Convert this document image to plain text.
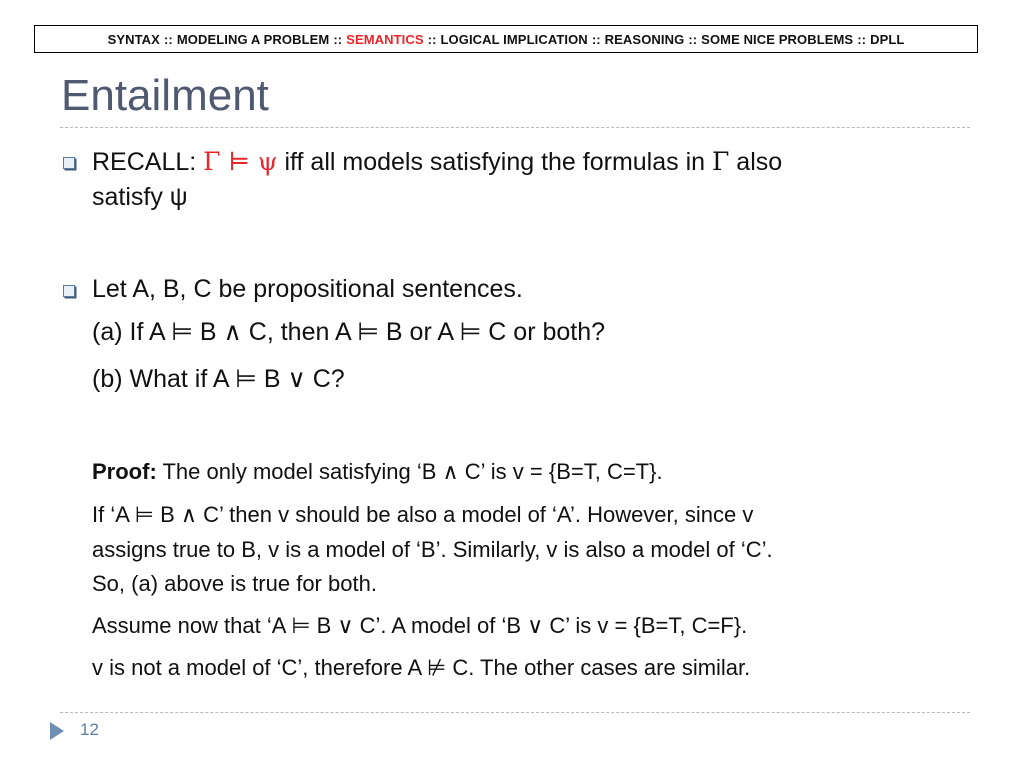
SYNTAX :: MODELING A PROBLEM :: SEMANTICS :: LOGICAL IMPLICATION :: REASONING :: SOME NICE PROBLEMS :: DPLL
Entailment
RECALL: Γ ⊨ ψ iff all models satisfying the formulas in Γ also
satisfy ψ
Let A, B, C be propositional sentences.
(a) If A ⊨ B ∧ C, then A ⊨ B or A ⊨ C or both?
(b) What if A ⊨ B ∨ C?
Proof: The only model satisfying ‘B ∧ C’ is v = {B=T, C=T}.
If ‘A ⊨ B ∧ C’ then v should be also a model of ‘A’. However, since v
assigns true to B, v is a model of ‘B’. Similarly, v is also a model of ‘C’.
So, (a) above is true for both.
Assume now that ‘A ⊨ B ∨ C’. A model of ‘B ∨ C’ is v = {B=T, C=F}.
v is not a model of ‘C’, therefore A ⊭ C. The other cases are similar.
12
